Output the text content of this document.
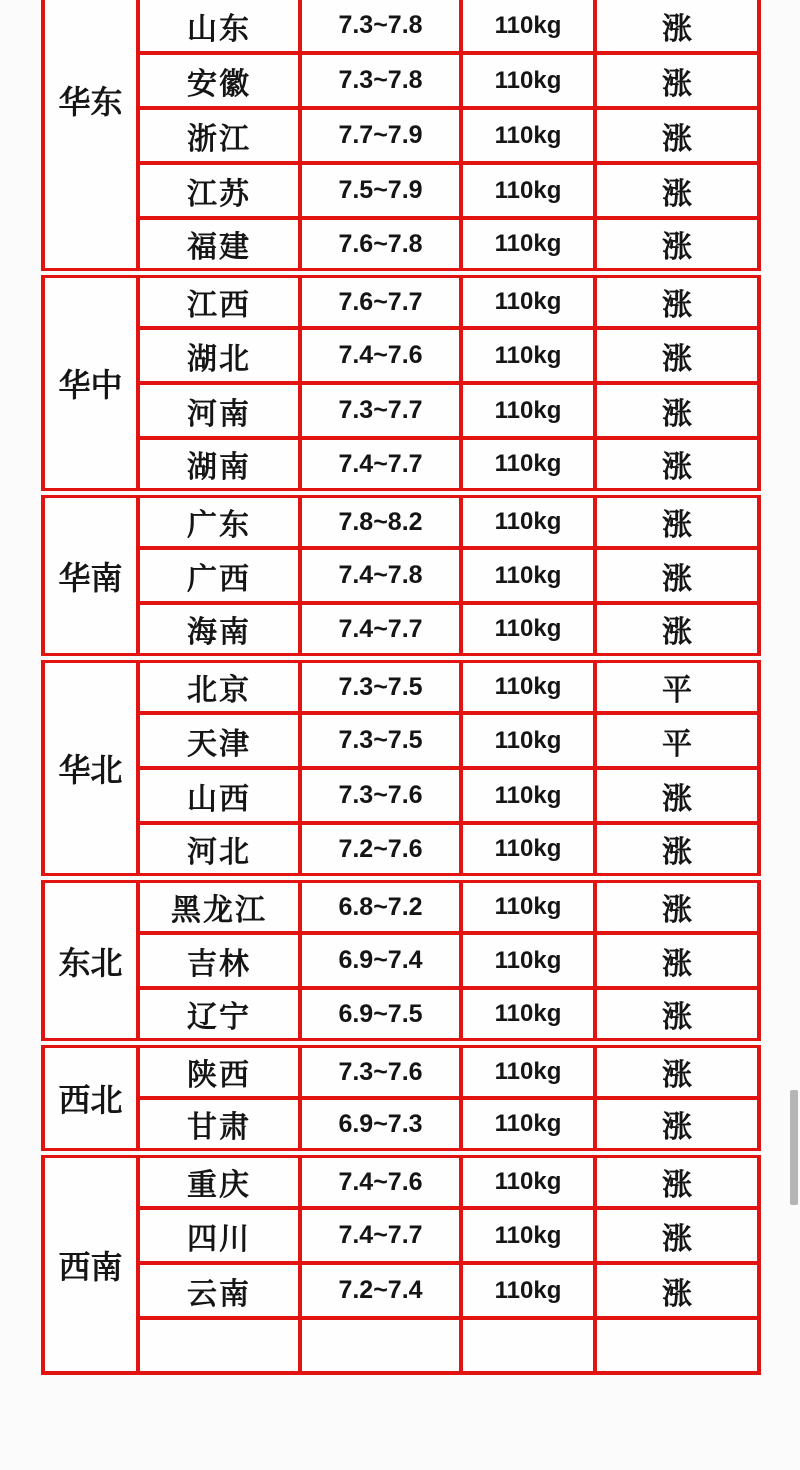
华东	山东	7.3~7.8	110kg	涨
	安徽	7.3~7.8	110kg	涨
	浙江	7.7~7.9	110kg	涨
	江苏	7.5~7.9	110kg	涨
	福建	7.6~7.8	110kg	涨
华中	江西	7.6~7.7	110kg	涨
	湖北	7.4~7.6	110kg	涨
	河南	7.3~7.7	110kg	涨
	湖南	7.4~7.7	110kg	涨
华南	广东	7.8~8.2	110kg	涨
	广西	7.4~7.8	110kg	涨
	海南	7.4~7.7	110kg	涨
华北	北京	7.3~7.5	110kg	平
	天津	7.3~7.5	110kg	平
	山西	7.3~7.6	110kg	涨
	河北	7.2~7.6	110kg	涨
东北	黑龙江	6.8~7.2	110kg	涨
	吉林	6.9~7.4	110kg	涨
	辽宁	6.9~7.5	110kg	涨
西北	陕西	7.3~7.6	110kg	涨
	甘肃	6.9~7.3	110kg	涨
西南	重庆	7.4~7.6	110kg	涨
	四川	7.4~7.7	110kg	涨
	云南	7.2~7.4	110kg	涨
